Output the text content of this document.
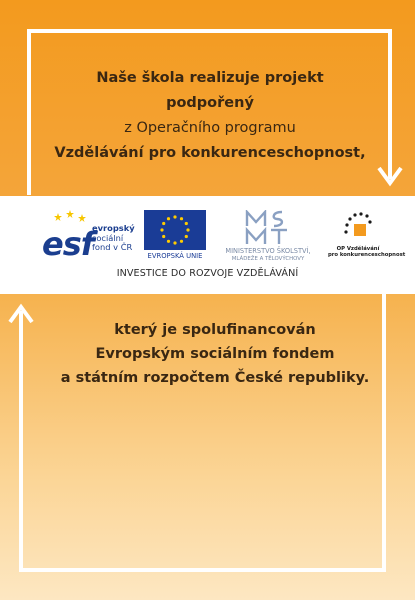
Naše škola realizuje projekt
podpořený
z Operačního programu
Vzdělávání pro konkurenceschopnost,
esf
evropský
sociální
fond v ČR
EVROPSKÁ UNIE
MINISTERSTVO ŠKOLSTVÍ,
MLÁDEŽE A TĚLOVÝCHOVY
OP Vzdělávání
pro konkurenceschopnost
INVESTICE DO ROZVOJE VZDĚLÁVÁNÍ
který je spolufinancován
Evropským sociálním fondem
a státním rozpočtem České republiky.
